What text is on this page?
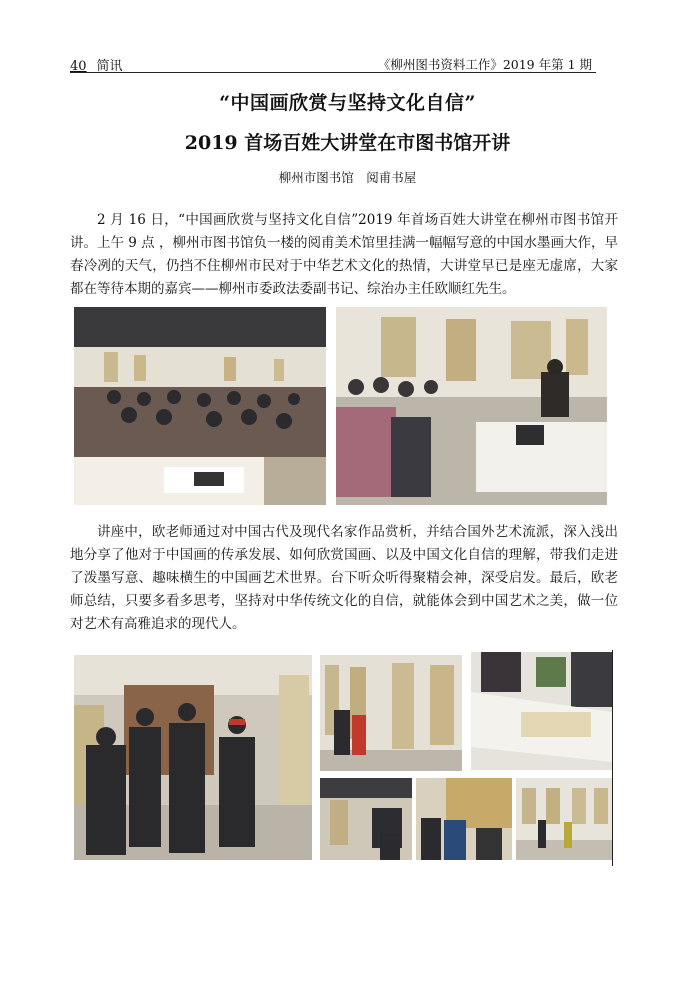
40 简讯	《柳州图书资料工作》2019 年第 1 期
“中国画欣赏与坚持文化自信”
2019 首场百姓大讲堂在市图书馆开讲
柳州市图书馆　阅甫书屋

2 月 16 日，“中国画欣赏与坚持文化自信”2019 年首场百姓大讲堂在柳州市图书馆开讲。上午 9 点 ，柳州市图书馆负一楼的阅甫美术馆里挂满一幅幅写意的中国水墨画大作，早春冷冽的天气，仍挡不住柳州市民对于中华艺术文化的热情，大讲堂早已是座无虚席，大家都在等待本期的嘉宾——柳州市委政法委副书记、综治办主任欧顺红先生。

讲座中，欧老师通过对中国古代及现代名家作品赏析，并结合国外艺术流派，深入浅出地分享了他对于中国画的传承发展、如何欣赏国画、以及中国文化自信的理解，带我们走进了泼墨写意、趣味横生的中国画艺术世界。台下听众听得聚精会神，深受启发。最后，欧老师总结，只要多看多思考，坚持对中华传统文化的自信，就能体会到中国艺术之美，做一位对艺术有高雅追求的现代人。
